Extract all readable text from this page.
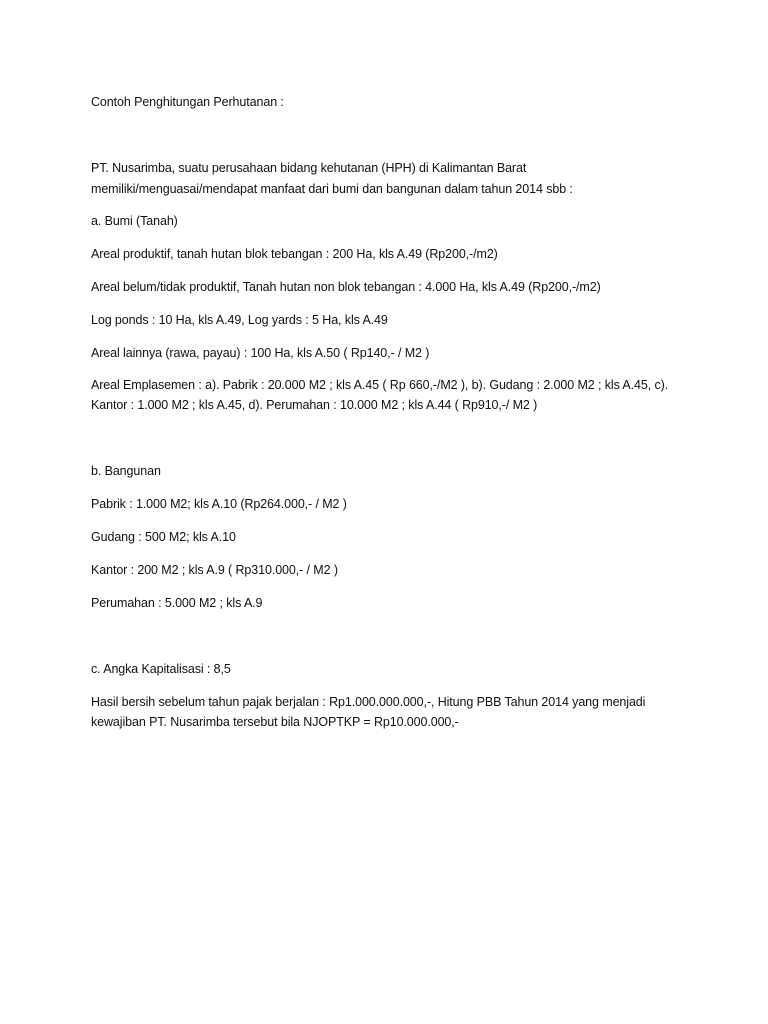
Contoh Penghitungan Perhutanan :
PT. Nusarimba, suatu perusahaan bidang kehutanan (HPH) di Kalimantan Barat
memiliki/menguasai/mendapat manfaat dari bumi dan bangunan dalam tahun 2014 sbb :
a. Bumi (Tanah)
Areal produktif, tanah hutan blok tebangan : 200 Ha, kls A.49 (Rp200,-/m2)
Areal belum/tidak produktif, Tanah hutan non blok tebangan : 4.000 Ha, kls A.49 (Rp200,-/m2)
Log ponds : 10 Ha, kls A.49, Log yards : 5 Ha, kls A.49
Areal lainnya (rawa, payau) : 100 Ha, kls A.50 ( Rp140,- / M2 )
Areal Emplasemen : a). Pabrik : 20.000 M2 ; kls A.45 ( Rp 660,-/M2 ), b). Gudang : 2.000 M2 ; kls A.45, c).
Kantor : 1.000 M2 ; kls A.45, d). Perumahan : 10.000 M2 ; kls A.44 ( Rp910,-/ M2 )
b. Bangunan
Pabrik : 1.000 M2; kls A.10 (Rp264.000,- / M2 )
Gudang : 500 M2; kls A.10
Kantor : 200 M2 ; kls A.9 ( Rp310.000,- / M2 )
Perumahan : 5.000 M2 ; kls A.9
c. Angka Kapitalisasi : 8,5
Hasil bersih sebelum tahun pajak berjalan : Rp1.000.000.000,-, Hitung PBB Tahun 2014 yang menjadi
kewajiban PT. Nusarimba tersebut bila NJOPTKP = Rp10.000.000,-
